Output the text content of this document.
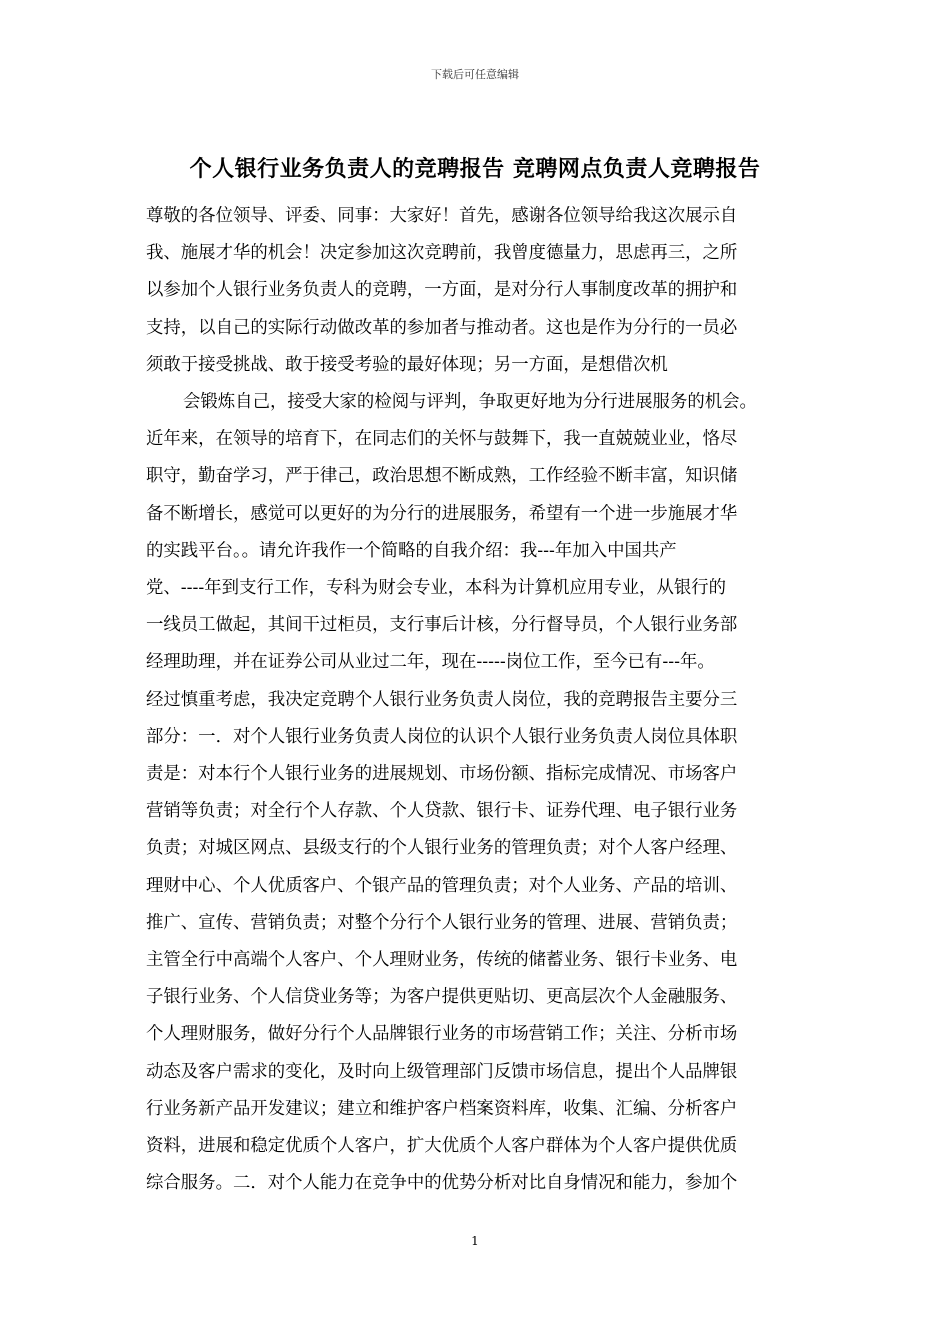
下载后可任意编辑
个人银行业务负责人的竞聘报告 竞聘网点负责人竞聘报告
尊敬的各位领导、评委、同事：大家好！首先，感谢各位领导给我这次展示自
我、施展才华的机会！决定参加这次竞聘前，我曾度德量力，思虑再三，之所
以参加个人银行业务负责人的竞聘，一方面，是对分行人事制度改革的拥护和
支持，以自己的实际行动做改革的参加者与推动者。这也是作为分行的一员必
须敢于接受挑战、敢于接受考验的最好体现；另一方面，是想借次机
会锻炼自己，接受大家的检阅与评判，争取更好地为分行进展服务的机会。
近年来，在领导的培育下，在同志们的关怀与鼓舞下，我一直兢兢业业，恪尽
职守，勤奋学习，严于律己，政治思想不断成熟，工作经验不断丰富，知识储
备不断增长，感觉可以更好的为分行的进展服务，希望有一个进一步施展才华
的实践平台。。请允许我作一个简略的自我介绍：我---年加入中国共产
党、----年到支行工作，专科为财会专业，本科为计算机应用专业，从银行的
一线员工做起，其间干过柜员，支行事后计核，分行督导员，个人银行业务部
经理助理，并在证券公司从业过二年，现在-----岗位工作，至今已有---年。
经过慎重考虑，我决定竞聘个人银行业务负责人岗位，我的竞聘报告主要分三
部分：一．对个人银行业务负责人岗位的认识个人银行业务负责人岗位具体职
责是：对本行个人银行业务的进展规划、市场份额、指标完成情况、市场客户
营销等负责；对全行个人存款、个人贷款、银行卡、证券代理、电子银行业务
负责；对城区网点、县级支行的个人银行业务的管理负责；对个人客户经理、
理财中心、个人优质客户、个银产品的管理负责；对个人业务、产品的培训、
推广、宣传、营销负责；对整个分行个人银行业务的管理、进展、营销负责；
主管全行中高端个人客户、个人理财业务，传统的储蓄业务、银行卡业务、电
子银行业务、个人信贷业务等；为客户提供更贴切、更高层次个人金融服务、
个人理财服务，做好分行个人品牌银行业务的市场营销工作；关注、分析市场
动态及客户需求的变化，及时向上级管理部门反馈市场信息，提出个人品牌银
行业务新产品开发建议；建立和维护客户档案资料库，收集、汇编、分析客户
资料，进展和稳定优质个人客户，扩大优质个人客户群体为个人客户提供优质
综合服务。二．对个人能力在竞争中的优势分析对比自身情况和能力，参加个
1
